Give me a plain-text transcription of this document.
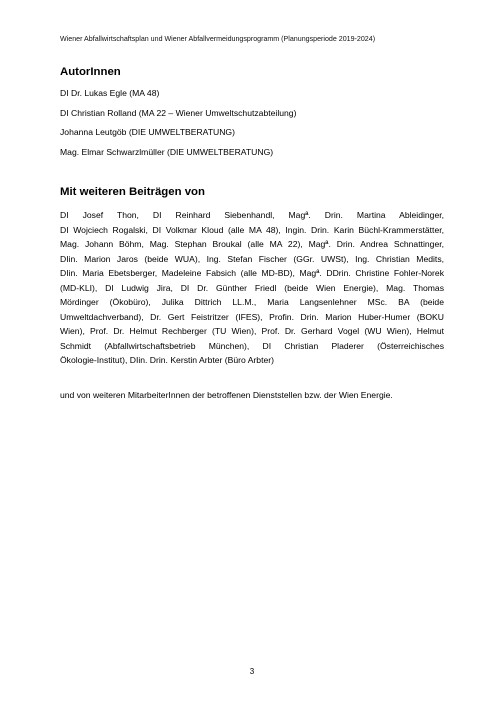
Wiener Abfallwirtschaftsplan und Wiener Abfallvermeidungsprogramm (Planungsperiode 2019-2024)
AutorInnen
DI Dr. Lukas Egle (MA 48)
DI Christian Rolland (MA 22 – Wiener Umweltschutzabteilung)
Johanna Leutgöb (DIE UMWELTBERATUNG)
Mag. Elmar Schwarzlmüller (DIE UMWELTBERATUNG)
Mit weiteren Beiträgen von
DI Josef Thon, DI Reinhard Siebenhandl, Magª. Drin. Martina Ableidinger,
DI Wojciech Rogalski, DI Volkmar Kloud (alle MA 48), Ingin. Drin. Karin Büchl-Krammerstätter,
Mag. Johann Böhm, Mag. Stephan Broukal (alle MA 22), Magª. Drin. Andrea Schnattinger,
DIin. Marion Jaros (beide WUA), Ing. Stefan Fischer (GGr. UWSt), Ing. Christian Medits,
DIin. Maria Ebetsberger, Madeleine Fabsich (alle MD-BD), Magª. DDrin. Christine Fohler-Norek
(MD-KLI), DI Ludwig Jira, DI Dr. Günther Friedl (beide Wien Energie), Mag. Thomas
Mördinger (Ökobüro), Julika Dittrich LL.M., Maria Langsenlehner MSc. BA (beide
Umweltdachverband), Dr. Gert Feistritzer (IFES), Profin. Drin. Marion Huber-Humer (BOKU
Wien), Prof. Dr. Helmut Rechberger (TU Wien), Prof. Dr. Gerhard Vogel (WU Wien), Helmut
Schmidt (Abfallwirtschaftsbetrieb München), DI Christian Pladerer (Österreichisches
Ökologie-Institut), DIin. Drin. Kerstin Arbter (Büro Arbter)
und von weiteren MitarbeiterInnen der betroffenen Dienststellen bzw. der Wien Energie.
3
